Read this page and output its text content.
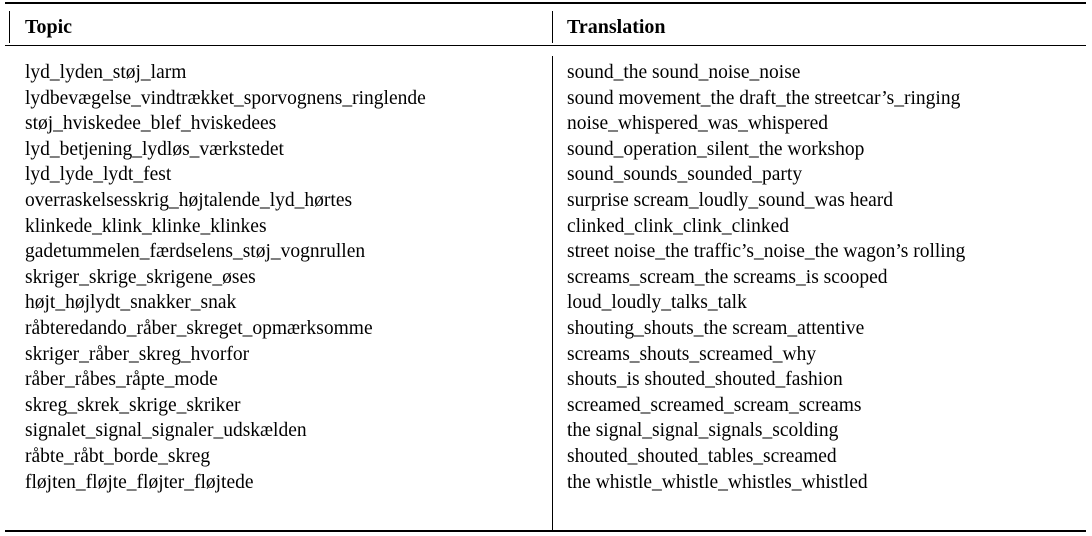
Topic	Translation
lyd_lyden_støj_larm	sound_the sound_noise_noise
lydbevægelse_vindtrækket_sporvognens_ringlende	sound movement_the draft_the streetcar’s_ringing
støj_hviskedee_blef_hviskedees	noise_whispered_was_whispered
lyd_betjening_lydløs_værkstedet	sound_operation_silent_the workshop
lyd_lyde_lydt_fest	sound_sounds_sounded_party
overraskelsesskrig_højtalende_lyd_hørtes	surprise scream_loudly_sound_was heard
klinkede_klink_klinke_klinkes	clinked_clink_clink_clinked
gadetummelen_færdselens_støj_vognrullen	street noise_the traffic’s_noise_the wagon’s rolling
skriger_skrige_skrigene_øses	screams_scream_the screams_is scooped
højt_højlydt_snakker_snak	loud_loudly_talks_talk
råbteredando_råber_skreget_opmærksomme	shouting_shouts_the scream_attentive
skriger_råber_skreg_hvorfor	screams_shouts_screamed_why
råber_råbes_råpte_mode	shouts_is shouted_shouted_fashion
skreg_skrek_skrige_skriker	screamed_screamed_scream_screams
signalet_signal_signaler_udskælden	the signal_signal_signals_scolding
råbte_råbt_borde_skreg	shouted_shouted_tables_screamed
fløjten_fløjte_fløjter_fløjtede	the whistle_whistle_whistles_whistled
